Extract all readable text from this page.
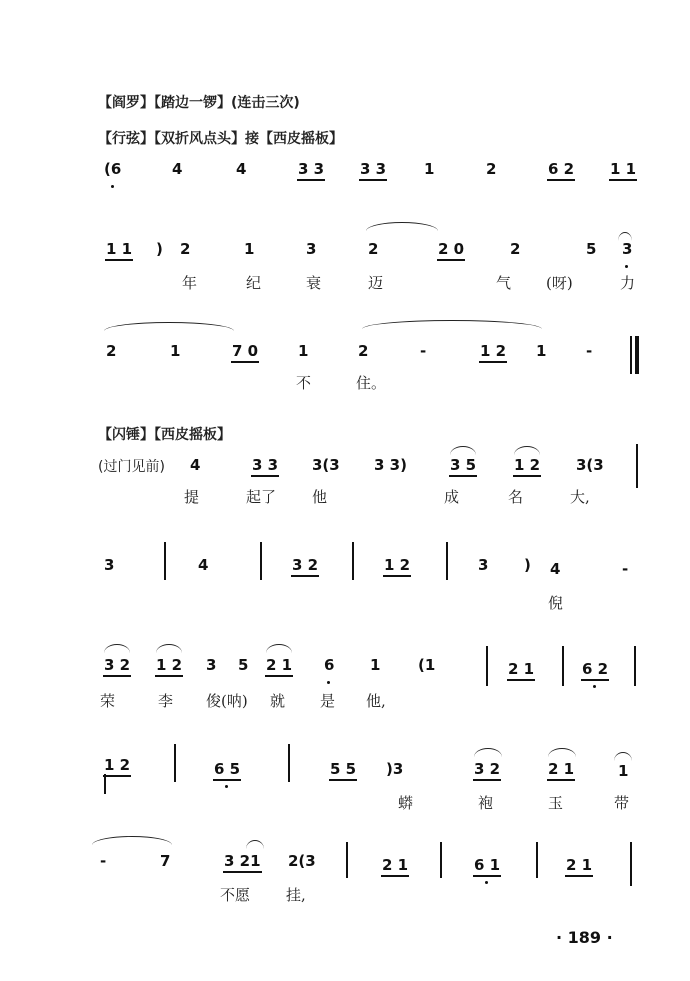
【阎罗】【踏边一锣】(连击三次)
【行弦】【双折风点头】接【西皮摇板】
(6	4	4	3 3 3 3	1	2	6 2 1 1
1 1 ) 2	1	3	2	2 0	2	5 3
年	纪	衰	迈	气 (呀)	力
2	1	7 0	1	2	-	1 2 1	-
不	住。
【闪锤】【西皮摇板】
(过门见前) 4	3 3 3(3 3 3)	3 5	1 2 3(3
提	起了 他	成	名	大,
3	4	3 2	1 2	3 ) 4	-
倪
3 2 1 2 3 5 2 1 6 1	(1	2 1	6 2
荣	李 俊(呐) 就 是 他,
1 2	6 5	5 5 )3	3 2	2 1	1
蟒	袍	玉	带
-	7	3 21 2(3	2 1	6 1	2 1
不愿 挂,
· 189 ·
